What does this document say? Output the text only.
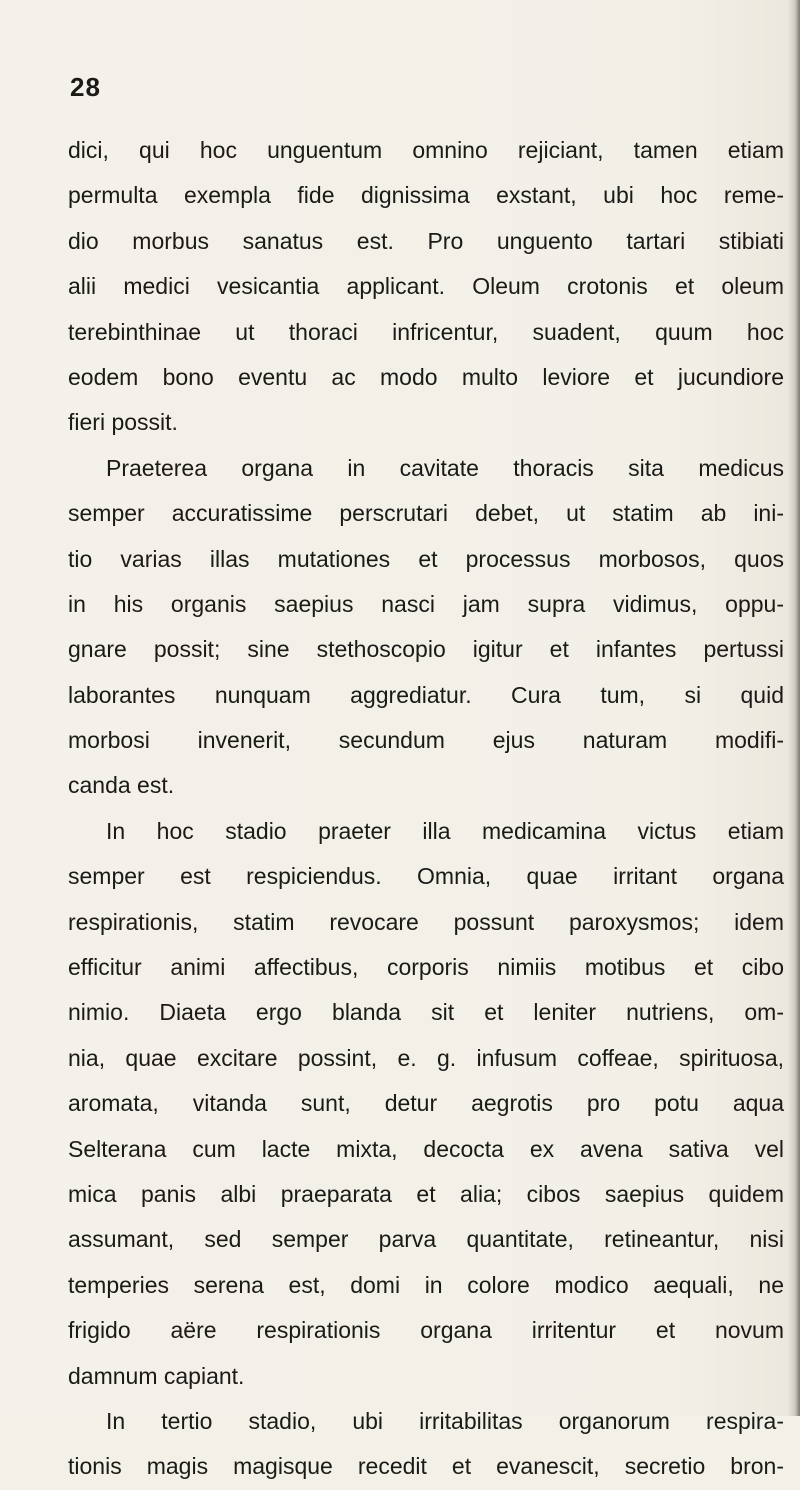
28
dici, qui hoc unguentum omnino rejiciant, tamen etiam
permulta exempla fide dignissima exstant, ubi hoc reme-
dio morbus sanatus est. Pro unguento tartari stibiati
alii medici vesicantia applicant. Oleum crotonis et oleum
terebinthinae ut thoraci infricentur, suadent, quum hoc
eodem bono eventu ac modo multo leviore et jucundiore
fieri possit.
Praeterea organa in cavitate thoracis sita medicus
semper accuratissime perscrutari debet, ut statim ab ini-
tio varias illas mutationes et processus morbosos, quos
in his organis saepius nasci jam supra vidimus, oppu-
gnare possit; sine stethoscopio igitur et infantes pertussi
laborantes nunquam aggrediatur. Cura tum, si quid
morbosi invenerit, secundum ejus naturam modifi-
canda est.
In hoc stadio praeter illa medicamina victus etiam
semper est respiciendus. Omnia, quae irritant organa
respirationis, statim revocare possunt paroxysmos; idem
efficitur animi affectibus, corporis nimiis motibus et cibo
nimio. Diaeta ergo blanda sit et leniter nutriens, om-
nia, quae excitare possint, e. g. infusum coffeae, spirituosa,
aromata, vitanda sunt, detur aegrotis pro potu aqua
Selterana cum lacte mixta, decocta ex avena sativa vel
mica panis albi praeparata et alia; cibos saepius quidem
assumant, sed semper parva quantitate, retineantur, nisi
temperies serena est, domi in colore modico aequali, ne
frigido aëre respirationis organa irritentur et novum
damnum capiant.
In tertio stadio, ubi irritabilitas organorum respira-
tionis magis magisque recedit et evanescit, secretio bron-
